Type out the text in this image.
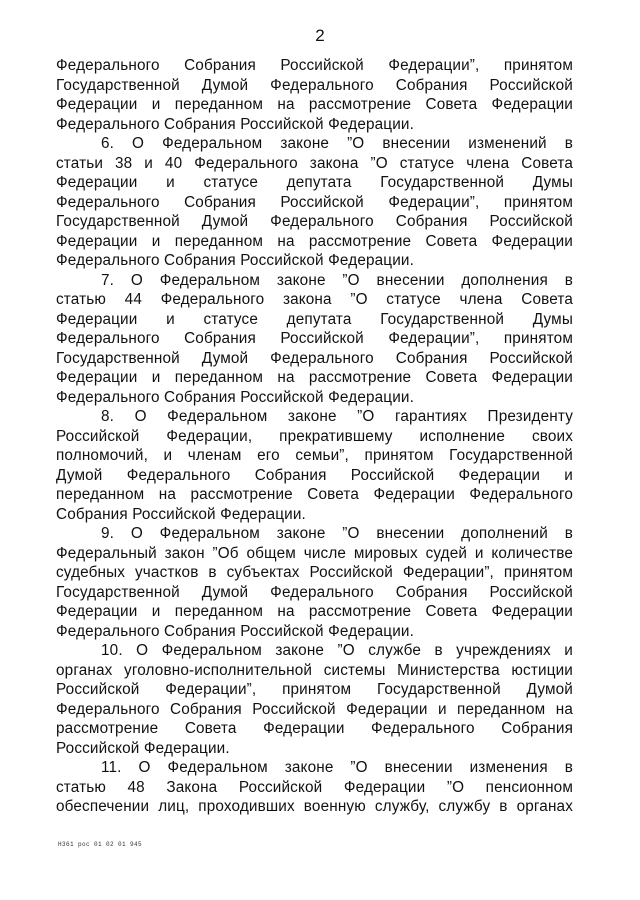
2
Федерального Собрания Российской Федерации”, принятом
Государственной Думой Федерального Собрания Российской
Федерации и переданном на рассмотрение Совета Федерации
Федерального Собрания Российской Федерации.
6. О Федеральном законе ”О внесении изменений в
статьи 38 и 40 Федерального закона ”О статусе члена Совета
Федерации и статусе депутата Государственной Думы
Федерального Собрания Российской Федерации”, принятом
Государственной Думой Федерального Собрания Российской
Федерации и переданном на рассмотрение Совета Федерации
Федерального Собрания Российской Федерации.
7. О Федеральном законе ”О внесении дополнения в
статью 44 Федерального закона ”О статусе члена Совета
Федерации и статусе депутата Государственной Думы
Федерального Собрания Российской Федерации”, принятом
Государственной Думой Федерального Собрания Российской
Федерации и переданном на рассмотрение Совета Федерации
Федерального Собрания Российской Федерации.
8. О Федеральном законе ”О гарантиях Президенту
Российской Федерации, прекратившему исполнение своих
полномочий, и членам его семьи”, принятом Государственной
Думой Федерального Собрания Российской Федерации и
переданном на рассмотрение Совета Федерации Федерального
Собрания Российской Федерации.
9. О Федеральном законе ”О внесении дополнений в
Федеральный закон ”Об общем числе мировых судей и количестве
судебных участков в субъектах Российской Федерации”, принятом
Государственной Думой Федерального Собрания Российской
Федерации и переданном на рассмотрение Совета Федерации
Федерального Собрания Российской Федерации.
10. О Федеральном законе ”О службе в учреждениях и
органах уголовно-исполнительной системы Министерства юстиции
Российской Федерации”, принятом Государственной Думой
Федерального Собрания Российской Федерации и переданном на
рассмотрение Совета Федерации Федерального Собрания
Российской Федерации.
11. О Федеральном законе ”О внесении изменения в
статью 48 Закона Российской Федерации ”О пенсионном
обеспечении лиц, проходивших военную службу, службу в органах
Н361 рос 01 02 01 945
